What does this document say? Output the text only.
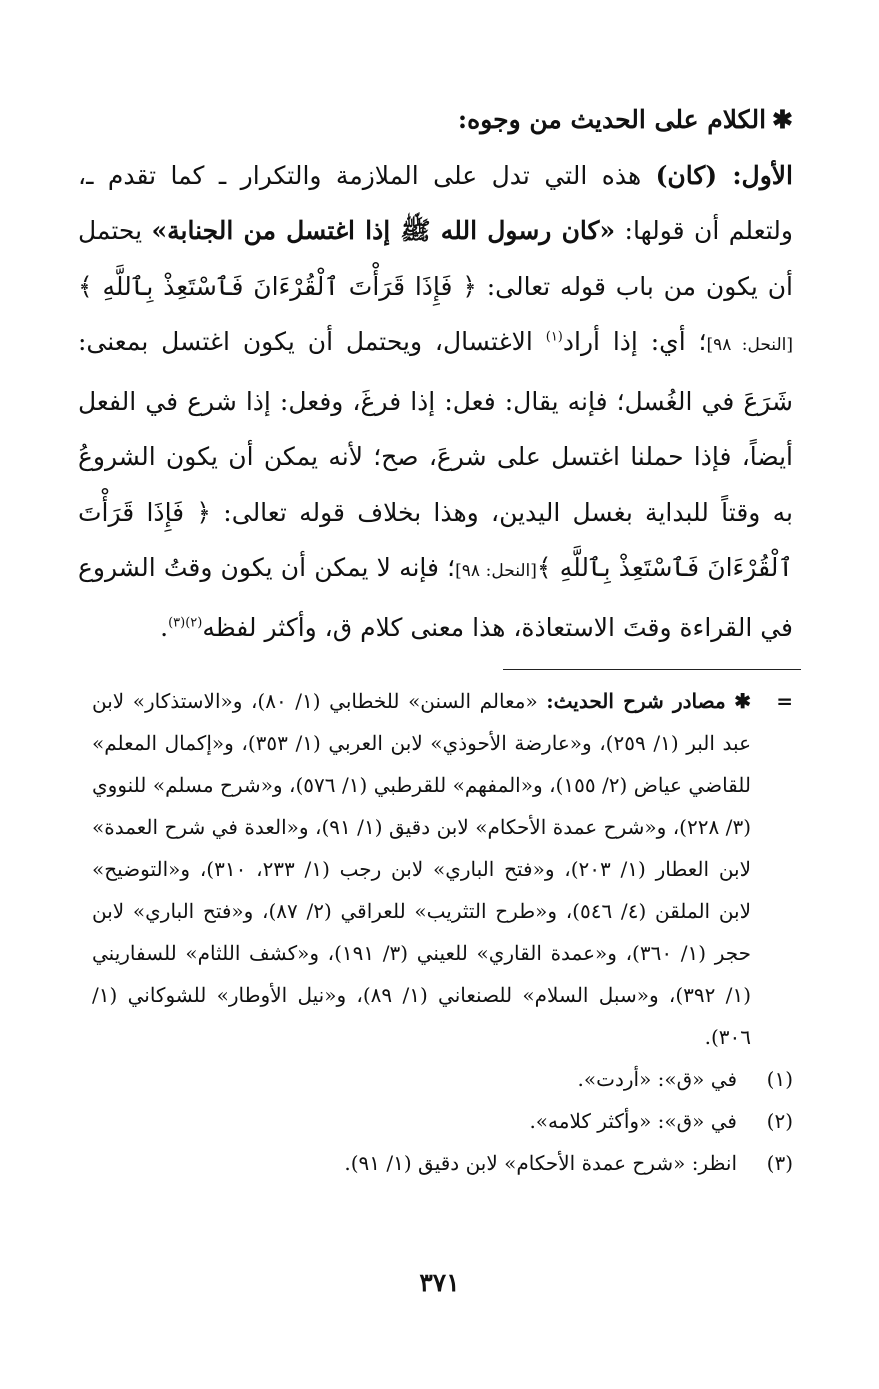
✱الكلام على الحديث من وجوه:

الأول: (كان) هذه التي تدل على الملازمة والتكرار ـ كما تقدم ـ، ولتعلم أن قولها: «كان رسول الله ﷺ إذا اغتسل من الجنابة» يحتمل أن يكون من باب قوله تعالى: ﴿ فَإِذَا قَرَأْتَ ٱلْقُرْءَانَ فَٱسْتَعِذْ بِٱللَّهِ ﴾[النحل: ٩٨]؛ أي: إذا أراد$^{(١)}$ الاغتسال، ويحتمل أن يكون اغتسل بمعنى: شَرَعَ في الغُسل؛ فإنه يقال: فعل: إذا فرغَ، وفعل: إذا شرع في الفعل أيضاً، فإذا حملنا اغتسل على شرعَ، صح؛ لأنه يمكن أن يكون الشروعُ به وقتاً للبداية بغسل اليدين، وهذا بخلاف قوله تعالى: ﴿ فَإِذَا قَرَأْتَ ٱلْقُرْءَانَ فَٱسْتَعِذْ بِٱللَّهِ ﴾[النحل: ٩٨]؛ فإنه لا يمكن أن يكون وقتُ الشروع في القراءة وقتَ الاستعاذة، هذا معنى كلام ق، وأكثر لفظه$^{(٢)(٣)}$.

=
✱ مصادر شرح الحديث: «معالم السنن» للخطابي (١/ ٨٠)، و«الاستذكار» لابن عبد البر (١/ ٢٥٩)، و«عارضة الأحوذي» لابن العربي (١/ ٣٥٣)، و«إكمال المعلم» للقاضي عياض (٢/ ١٥٥)، و«المفهم» للقرطبي (١/ ٥٧٦)، و«شرح مسلم» للنووي (٣/ ٢٢٨)، و«شرح عمدة الأحكام» لابن دقيق (١/ ٩١)، و«العدة في شرح العمدة» لابن العطار (١/ ٢٠٣)، و«فتح الباري» لابن رجب (١/ ٢٣٣، ٣١٠)، و«التوضيح» لابن الملقن (٤/ ٥٤٦)، و«طرح التثريب» للعراقي (٢/ ٨٧)، و«فتح الباري» لابن حجر (١/ ٣٦٠)، و«عمدة القاري» للعيني (٣/ ١٩١)، و«كشف اللثام» للسفاريني (١/ ٣٩٢)، و«سبل السلام» للصنعاني (١/ ٨٩)، و«نيل الأوطار» للشوكاني (١/ ٣٠٦).

(١)
في «ق»: «أردت».

(٢)
في «ق»: «وأكثر كلامه».

(٣)
انظر: «شرح عمدة الأحكام» لابن دقيق (١/ ٩١).

٣٧١
